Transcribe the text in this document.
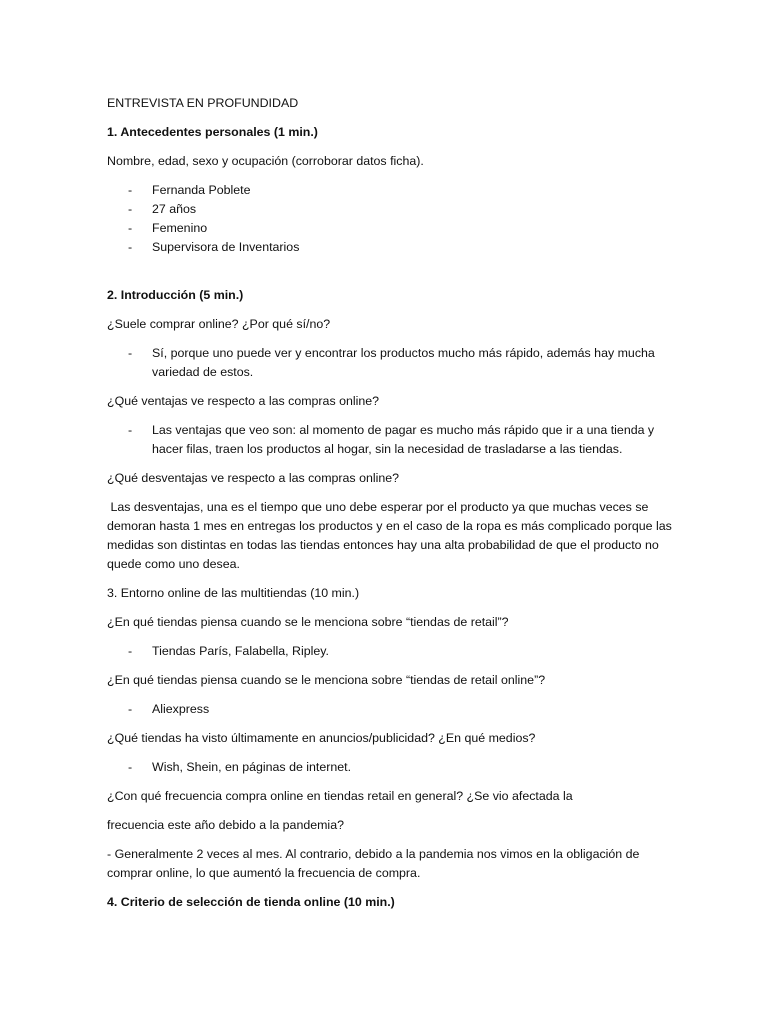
ENTREVISTA EN PROFUNDIDAD

1. Antecedentes personales (1 min.)

Nombre, edad, sexo y ocupación (corroborar datos ficha).

- Fernanda Poblete
- 27 años
- Femenino
- Supervisora de Inventarios

2. Introducción (5 min.)

¿Suele comprar online? ¿Por qué sí/no?

- Sí, porque uno puede ver y encontrar los productos mucho más rápido, además hay mucha variedad de estos.

¿Qué ventajas ve respecto a las compras online?

- Las ventajas que veo son: al momento de pagar es mucho más rápido que ir a una tienda y hacer filas, traen los productos al hogar, sin la necesidad de trasladarse a las tiendas.

¿Qué desventajas ve respecto a las compras online?

Las desventajas, una es el tiempo que uno debe esperar por el producto ya que muchas veces se demoran hasta 1 mes en entregas los productos y en el caso de la ropa es más complicado porque las medidas son distintas en todas las tiendas entonces hay una alta probabilidad de que el producto no quede como uno desea.

3. Entorno online de las multitiendas (10 min.)

¿En qué tiendas piensa cuando se le menciona sobre “tiendas de retail”?

- Tiendas París, Falabella, Ripley.

¿En qué tiendas piensa cuando se le menciona sobre “tiendas de retail online”?

- Aliexpress

¿Qué tiendas ha visto últimamente en anuncios/publicidad? ¿En qué medios?

- Wish, Shein, en páginas de internet.

¿Con qué frecuencia compra online en tiendas retail en general? ¿Se vio afectada la

frecuencia este año debido a la pandemia?

- Generalmente 2 veces al mes. Al contrario, debido a la pandemia nos vimos en la obligación de comprar online, lo que aumentó la frecuencia de compra.

4. Criterio de selección de tienda online (10 min.)
